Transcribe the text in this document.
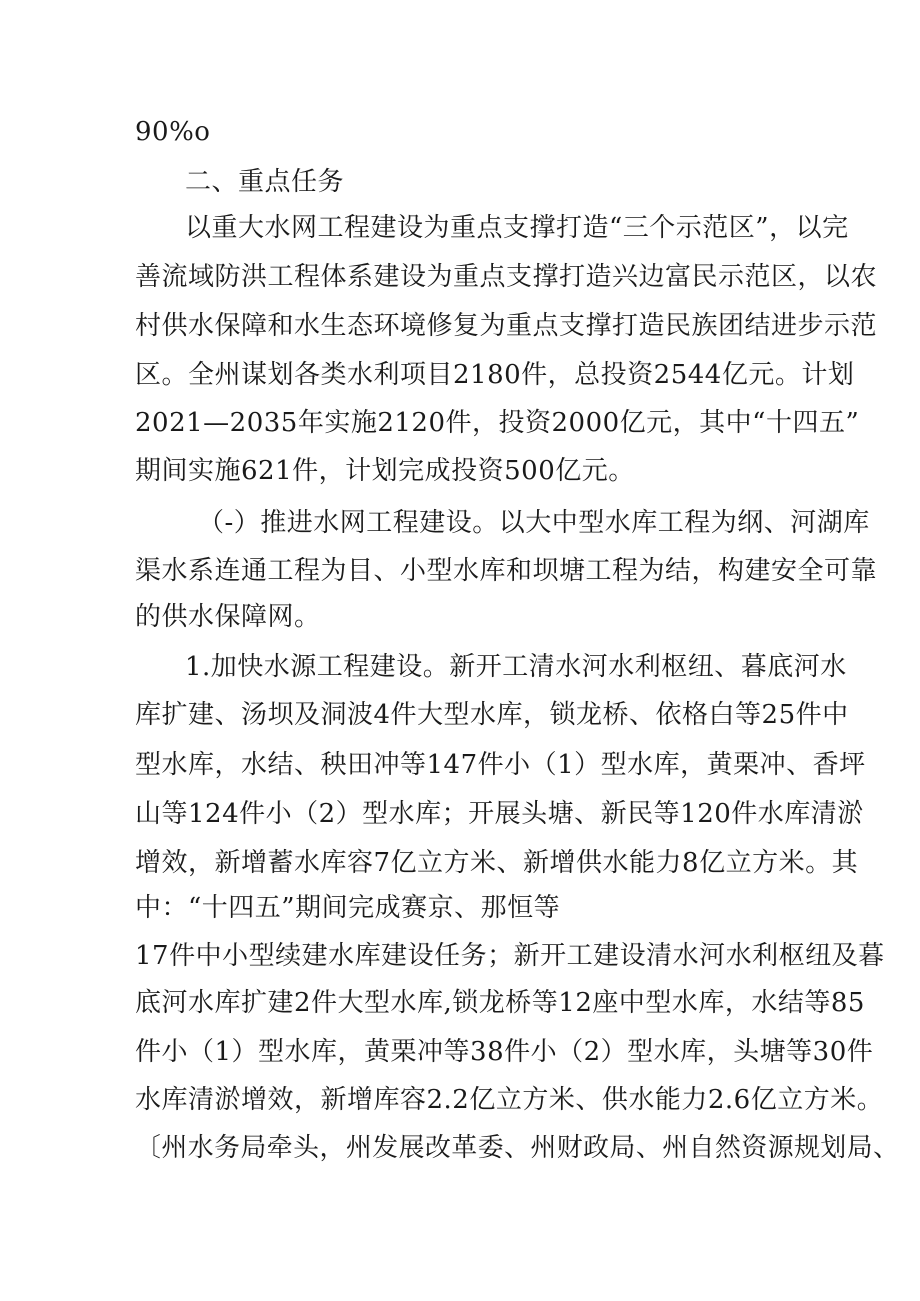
90%o
二、重点任务
以重大水网工程建设为重点支撑打造“三个示范区”，以完
善流域防洪工程体系建设为重点支撑打造兴边富民示范区，以农
村供水保障和水生态环境修复为重点支撑打造民族团结进步示范
区。全州谋划各类水利项目2180件，总投资2544亿元。计划
2021—2035年实施2120件，投资2000亿元，其中“十四五”
期间实施621件，计划完成投资500亿元。
（-）推进水网工程建设。以大中型水库工程为纲、河湖库
渠水系连通工程为目、小型水库和坝塘工程为结，构建安全可靠
的供水保障网。
1.加快水源工程建设。新开工清水河水利枢纽、暮底河水
库扩建、汤坝及洞波4件大型水库，锁龙桥、依格白等25件中
型水库，水结、秧田冲等147件小（1）型水库，黄栗冲、香坪
山等124件小（2）型水库；开展头塘、新民等120件水库清淤
增效，新增蓄水库容7亿立方米、新增供水能力8亿立方米。其
中：“十四五”期间完成赛京、那恒等
17件中小型续建水库建设任务；新开工建设清水河水利枢纽及暮
底河水库扩建2件大型水库,锁龙桥等12座中型水库，水结等85
件小（1）型水库，黄栗冲等38件小（2）型水库，头塘等30件
水库清淤增效，新增库容2.2亿立方米、供水能力2.6亿立方米。
〔州水务局牵头，州发展改革委、州财政局、州自然资源规划局、
